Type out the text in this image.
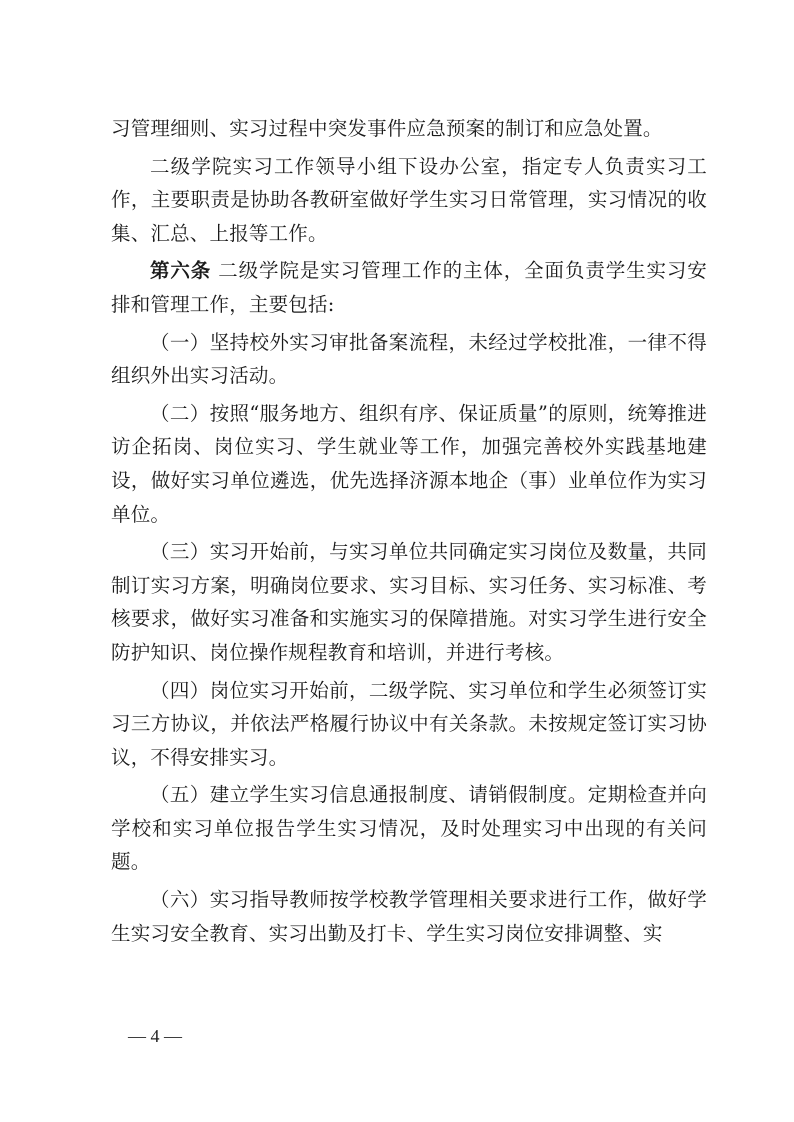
习管理细则、实习过程中突发事件应急预案的制订和应急处置。

二级学院实习工作领导小组下设办公室，指定专人负责实习工作，主要职责是协助各教研室做好学生实习日常管理，实习情况的收集、汇总、上报等工作。

第六条 二级学院是实习管理工作的主体，全面负责学生实习安排和管理工作，主要包括:

（一）坚持校外实习审批备案流程，未经过学校批准，一律不得组织外出实习活动。

（二）按照“服务地方、组织有序、保证质量”的原则，统筹推进访企拓岗、岗位实习、学生就业等工作，加强完善校外实践基地建设，做好实习单位遴选，优先选择济源本地企（事）业单位作为实习单位。

（三）实习开始前，与实习单位共同确定实习岗位及数量，共同制订实习方案，明确岗位要求、实习目标、实习任务、实习标准、考核要求，做好实习准备和实施实习的保障措施。对实习学生进行安全防护知识、岗位操作规程教育和培训，并进行考核。

（四）岗位实习开始前，二级学院、实习单位和学生必须签订实习三方协议，并依法严格履行协议中有关条款。未按规定签订实习协议，不得安排实习。

（五）建立学生实习信息通报制度、请销假制度。定期检查并向学校和实习单位报告学生实习情况，及时处理实习中出现的有关问题。

（六）实习指导教师按学校教学管理相关要求进行工作，做好学生实习安全教育、实习出勤及打卡、学生实习岗位安排调整、实

— 4 —
